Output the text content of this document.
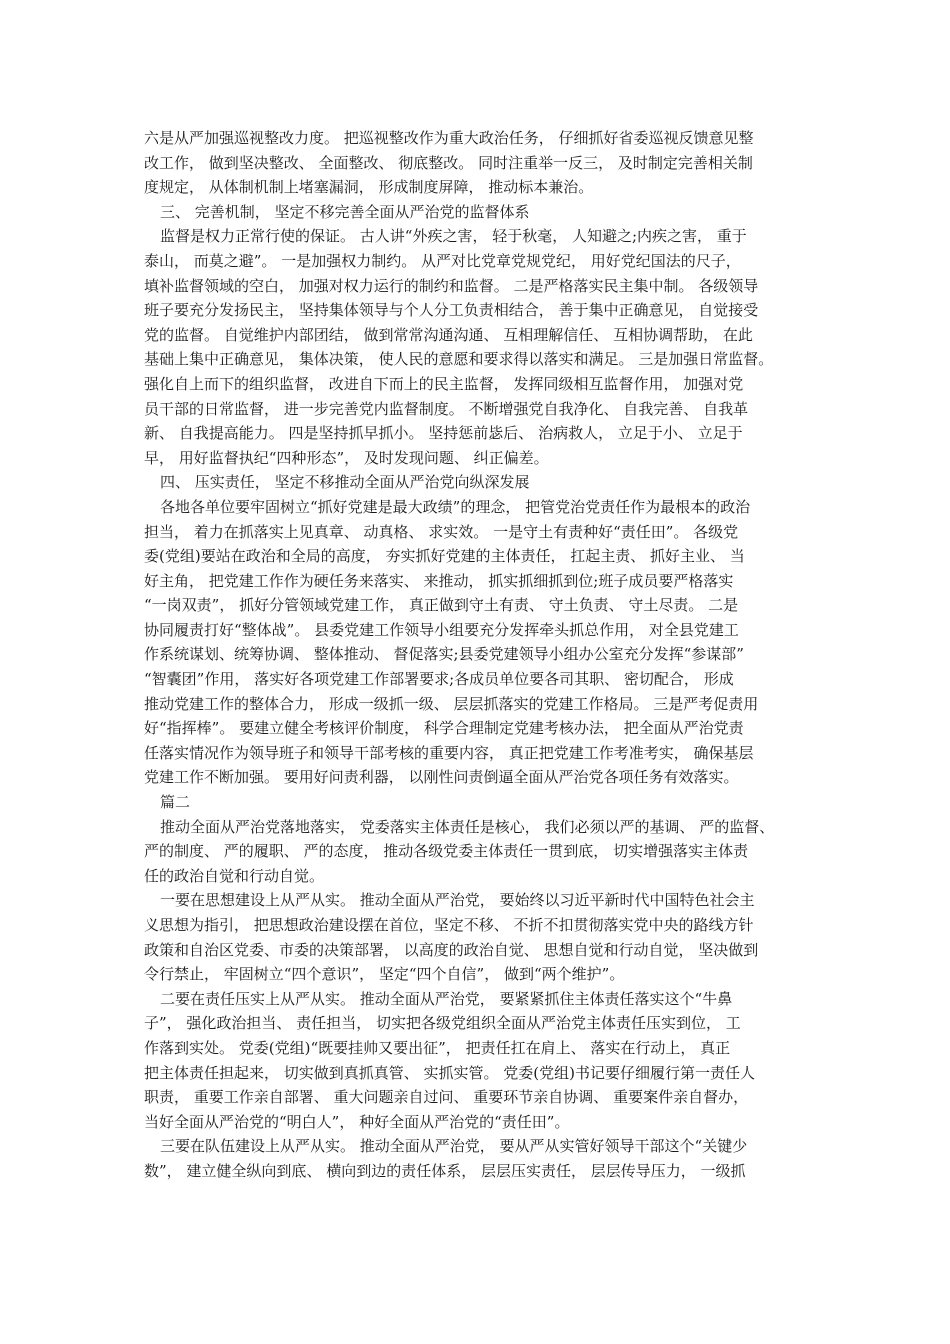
六是从严加强巡视整改力度。 把巡视整改作为重大政治任务， 仔细抓好省委巡视反馈意见整
改工作， 做到坚决整改、 全面整改、 彻底整改。 同时注重举一反三， 及时制定完善相关制
度规定， 从体制机制上堵塞漏洞， 形成制度屏障， 推动标本兼治。
三、 完善机制， 坚定不移完善全面从严治党的监督体系
监督是权力正常行使的保证。 古人讲“外疾之害， 轻于秋毫， 人知避之;内疾之害， 重于
泰山， 而莫之避”。 一是加强权力制约。 从严对比党章党规党纪， 用好党纪国法的尺子，
填补监督领域的空白， 加强对权力运行的制约和监督。 二是严格落实民主集中制。 各级领导
班子要充分发扬民主， 坚持集体领导与个人分工负责相结合， 善于集中正确意见， 自觉接受
党的监督。 自觉维护内部团结， 做到常常沟通沟通、 互相理解信任、 互相协调帮助， 在此
基础上集中正确意见， 集体决策， 使人民的意愿和要求得以落实和满足。 三是加强日常监督。
强化自上而下的组织监督， 改进自下而上的民主监督， 发挥同级相互监督作用， 加强对党
员干部的日常监督， 进一步完善党内监督制度。 不断增强党自我净化、 自我完善、 自我革
新、 自我提高能力。 四是坚持抓早抓小。 坚持惩前毖后、 治病救人， 立足于小、 立足于
早， 用好监督执纪“四种形态”， 及时发现问题、 纠正偏差。
四、 压实责任， 坚定不移推动全面从严治党向纵深发展
各地各单位要牢固树立“抓好党建是最大政绩”的理念， 把管党治党责任作为最根本的政治
担当， 着力在抓落实上见真章、 动真格、 求实效。 一是守土有责种好“责任田”。 各级党
委(党组)要站在政治和全局的高度， 夯实抓好党建的主体责任， 扛起主责、 抓好主业、 当
好主角， 把党建工作作为硬任务来落实、 来推动， 抓实抓细抓到位;班子成员要严格落实
“一岗双责”， 抓好分管领域党建工作， 真正做到守土有责、 守土负责、 守土尽责。 二是
协同履责打好“整体战”。 县委党建工作领导小组要充分发挥牵头抓总作用， 对全县党建工
作系统谋划、统筹协调、 整体推动、 督促落实;县委党建领导小组办公室充分发挥“参谋部”
“智囊团”作用， 落实好各项党建工作部署要求;各成员单位要各司其职、 密切配合， 形成
推动党建工作的整体合力， 形成一级抓一级、 层层抓落实的党建工作格局。 三是严考促责用
好“指挥棒”。 要建立健全考核评价制度， 科学合理制定党建考核办法， 把全面从严治党责
任落实情况作为领导班子和领导干部考核的重要内容， 真正把党建工作考准考实， 确保基层
党建工作不断加强。 要用好问责利器， 以刚性问责倒逼全面从严治党各项任务有效落实。
篇二
推动全面从严治党落地落实， 党委落实主体责任是核心， 我们必须以严的基调、 严的监督、
严的制度、 严的履职、 严的态度， 推动各级党委主体责任一贯到底， 切实增强落实主体责
任的政治自觉和行动自觉。
一要在思想建设上从严从实。 推动全面从严治党， 要始终以习近平新时代中国特色社会主
义思想为指引， 把思想政治建设摆在首位，坚定不移、 不折不扣贯彻落实党中央的路线方针
政策和自治区党委、市委的决策部署， 以高度的政治自觉、 思想自觉和行动自觉， 坚决做到
令行禁止， 牢固树立“四个意识”， 坚定“四个自信”， 做到“两个维护”。
二要在责任压实上从严从实。 推动全面从严治党， 要紧紧抓住主体责任落实这个“牛鼻
子”， 强化政治担当、 责任担当， 切实把各级党组织全面从严治党主体责任压实到位， 工
作落到实处。 党委(党组)“既要挂帅又要出征”， 把责任扛在肩上、 落实在行动上， 真正
把主体责任担起来， 切实做到真抓真管、 实抓实管。 党委(党组)书记要仔细履行第一责任人
职责， 重要工作亲自部署、 重大问题亲自过问、 重要环节亲自协调、 重要案件亲自督办，
当好全面从严治党的“明白人”， 种好全面从严治党的“责任田”。
三要在队伍建设上从严从实。 推动全面从严治党， 要从严从实管好领导干部这个“关键少
数”， 建立健全纵向到底、 横向到边的责任体系， 层层压实责任， 层层传导压力， 一级抓
